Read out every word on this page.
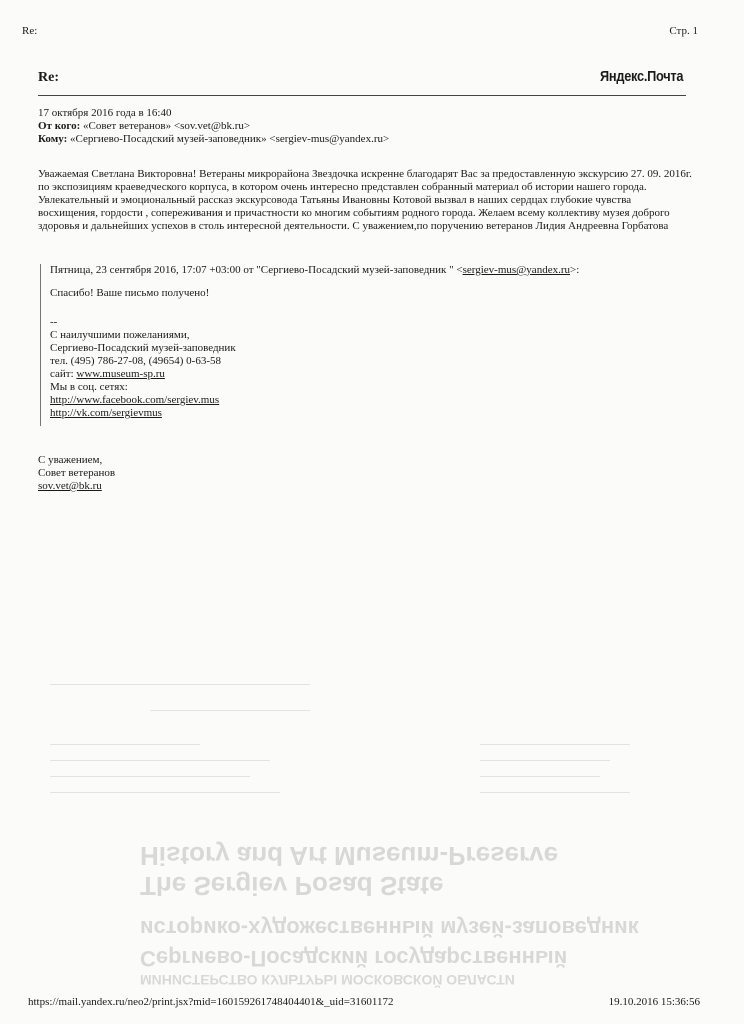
Re:	Стр. 1
Re:	Яндекс.Почта
17 октября 2016 года в 16:40
От кого: «Совет ветеранов» <sov.vet@bk.ru>
Кому: «Сергиево-Посадский музей-заповедник» <sergiev-mus@yandex.ru>
Уважаемая Светлана Викторовна! Ветераны микрорайона Звездочка искренне благодарят Вас за предоставленную экскурсию 27. 09. 2016г. по экспозициям краеведческого корпуса, в котором очень интересно представлен собранный материал об истории нашего города. Увлекательный и эмоциональный рассказ экскурсовода Татьяны Ивановны Котовой вызвал в наших сердцах глубокие чувства восхищения, гордости , сопереживания и причастности ко многим событиям родного города. Желаем всему коллективу музея доброго здоровья и дальнейших успехов в столь интересной деятельности. С уважением,по поручению ветеранов Лидия Андреевна Горбатова

Пятница, 23 сентября 2016, 17:07 +03:00 от "Сергиево-Посадский музей-заповедник " <sergiev-mus@yandex.ru>:

Спасибо! Ваше письмо получено!

--

С наилучшими пожеланиями,

Сергиево-Посадский музей-заповедник

тел. (495) 786-27-08, (49654) 0-63-58

сайт: www.museum-sp.ru

Мы в соц. сетях:

http://www.facebook.com/sergiev.mus

http://vk.com/sergievmus

С уважением,
Совет ветеранов
sov.vet@bk.ru
History and Art Museum-Preserve
The Sergiev Posad State
историко-художественный музей-заповедник
Сергиево-Посадский государственный
МИНИСТЕРСТВО КУЛЬТУРЫ МОСКОВСКОЙ ОБЛАСТИ
https://mail.yandex.ru/neo2/print.jsx?mid=160159261748404401&_uid=31601172	19.10.2016 15:36:56
